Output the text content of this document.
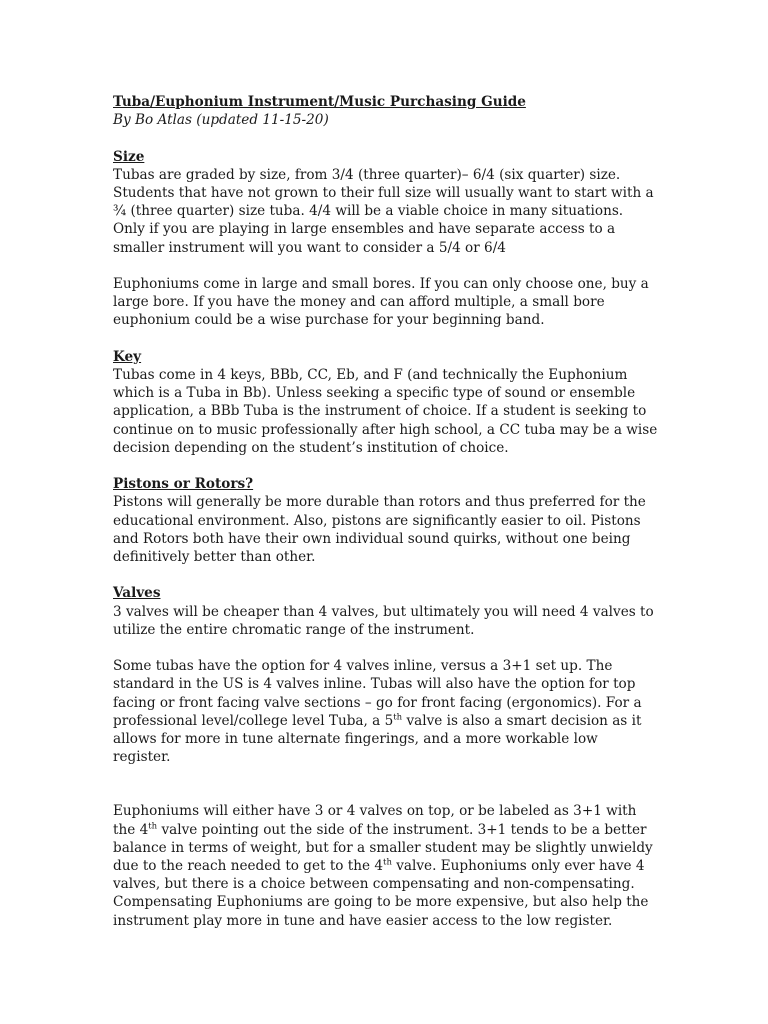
Tuba/Euphonium Instrument/Music Purchasing Guide
By Bo Atlas (updated 11-15-20)
Size

Tubas are graded by size, from 3/4 (three quarter)– 6/4 (six quarter) size. Students that have not grown to their full size will usually want to start with a ¾ (three quarter) size tuba. 4/4 will be a viable choice in many situations. Only if you are playing in large ensembles and have separate access to a smaller instrument will you want to consider a 5/4 or 6/4

Euphoniums come in large and small bores. If you can only choose one, buy a large bore. If you have the money and can afford multiple, a small bore euphonium could be a wise purchase for your beginning band.

Key

Tubas come in 4 keys, BBb, CC, Eb, and F (and technically the Euphonium which is a Tuba in Bb). Unless seeking a specific type of sound or ensemble application, a BBb Tuba is the instrument of choice. If a student is seeking to continue on to music professionally after high school, a CC tuba may be a wise decision depending on the student’s institution of choice.

Pistons or Rotors?

Pistons will generally be more durable than rotors and thus preferred for the educational environment. Also, pistons are significantly easier to oil. Pistons and Rotors both have their own individual sound quirks, without one being definitively better than other.

Valves

3 valves will be cheaper than 4 valves, but ultimately you will need 4 valves to utilize the entire chromatic range of the instrument.

Some tubas have the option for 4 valves inline, versus a 3+1 set up. The standard in the US is 4 valves inline. Tubas will also have the option for top facing or front facing valve sections – go for front facing (ergonomics). For a professional level/college level Tuba, a 5th valve is also a smart decision as it allows for more in tune alternate fingerings, and a more workable low register.

Euphoniums will either have 3 or 4 valves on top, or be labeled as 3+1 with the 4th valve pointing out the side of the instrument. 3+1 tends to be a better balance in terms of weight, but for a smaller student may be slightly unwieldy due to the reach needed to get to the 4th valve. Euphoniums only ever have 4 valves, but there is a choice between compensating and non-compensating. Compensating Euphoniums are going to be more expensive, but also help the instrument play more in tune and have easier access to the low register.
